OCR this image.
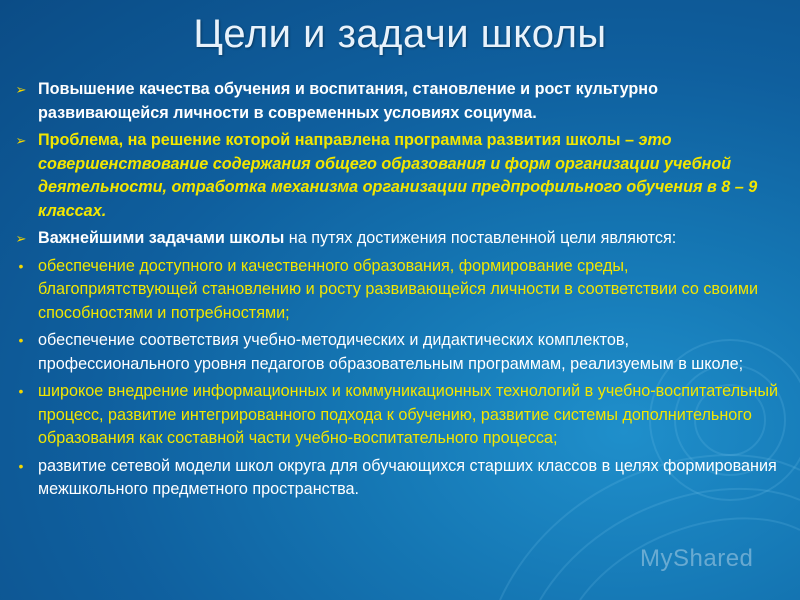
Цели и задачи школы
➢ Повышение качества обучения и воспитания, становление и рост культурно развивающейся личности в современных условиях социума.
➢ Проблема, на решение которой направлена программа развития школы – это совершенствование содержания общего образования и форм организации учебной деятельности, отработка механизма организации предпрофильного обучения в 8 – 9 классах.
➢ Важнейшими задачами школы на путях достижения поставленной цели являются:
• обеспечение доступного и качественного образования, формирование среды, благоприятствующей становлению и росту развивающейся личности в соответствии со своими способностями и потребностями;
• обеспечение соответствия учебно-методических и дидактических комплектов, профессионального уровня педагогов образовательным программам, реализуемым в школе;
• широкое внедрение информационных и коммуникационных технологий в учебно-воспитательный процесс, развитие интегрированного подхода к обучению, развитие системы дополнительного образования как составной части учебно-воспитательного процесса;
• развитие сетевой модели школ округа для обучающихся старших классов в целях формирования межшкольного предметного пространства.
MyShared
